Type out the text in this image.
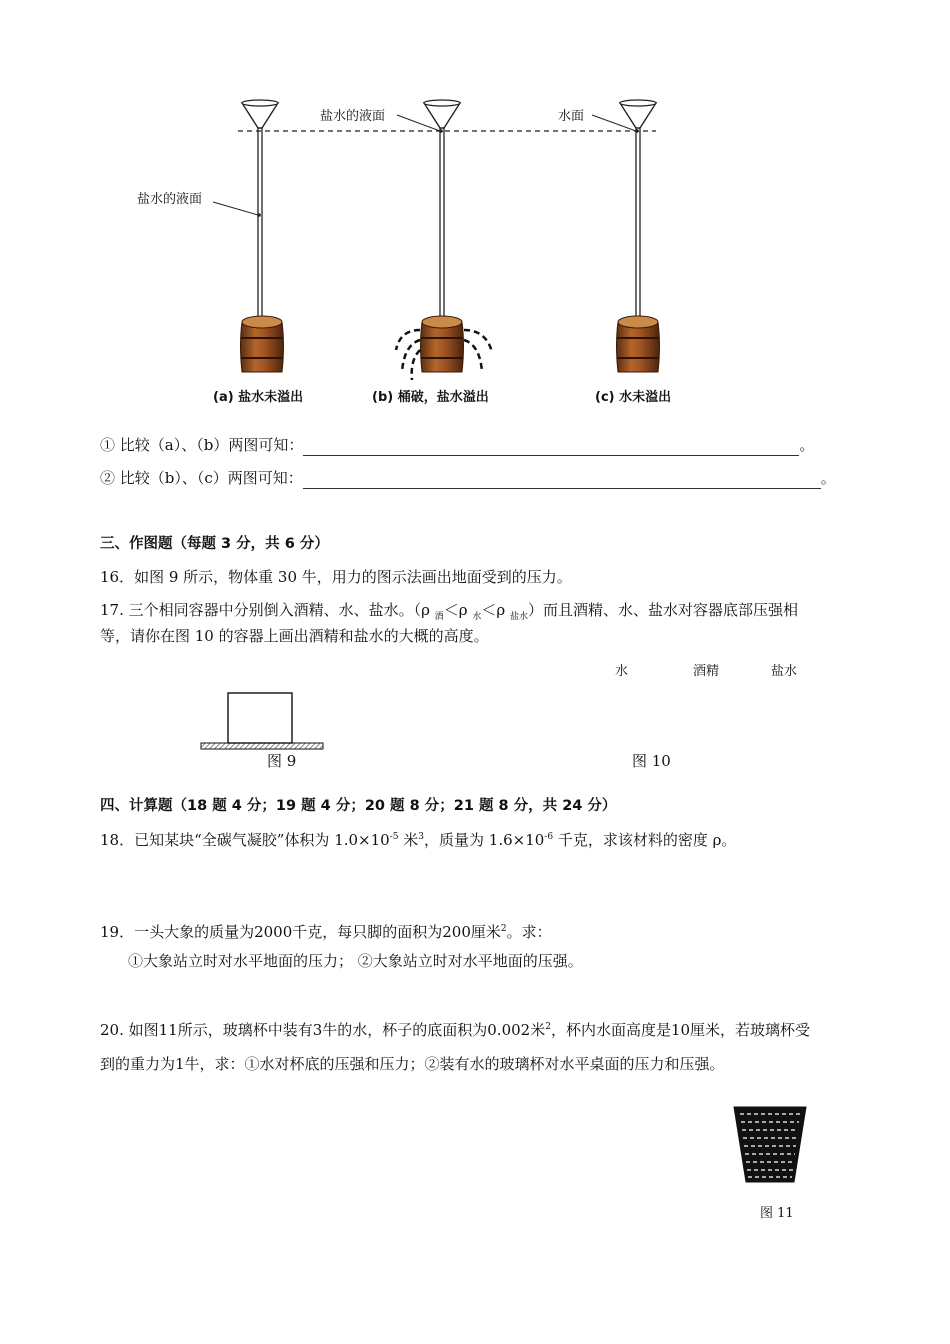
盐水的液面	水面
盐水的液面
(a) 盐水未溢出	(b) 桶破，盐水溢出	(c) 水未溢出
① 比较（a）、（b）两图可知：	。
② 比较（b）、（c）两图可知：	。
三、作图题（每题 3 分，共 6 分）
16．如图 9 所示，物体重 30 牛，用力的图示法画出地面受到的压力。
17. 三个相同容器中分别倒入酒精、水、盐水。（ρ $_酒$＜ρ $_水$＜ρ $_{盐水}$）而且酒精、水、盐水对容器底部压强相
等，请你在图 10 的容器上画出酒精和盐水的大概的高度。
水	酒精	盐水
图 9	图 10
四、计算题（18 题 4 分；19 题 4 分；20 题 8 分；21 题 8 分，共 24 分）
18．已知某块“全碳气凝胶”体积为 $1.0\times 10^{-5}$ 米$^3$，质量为 $1.6\times 10^{-6}$ 千克，求该材料的密度 ρ。
19．一头大象的质量为2000千克，每只脚的面积为200厘米$^2$。求：
①大象站立时对水平地面的压力； ②大象站立时对水平地面的压强。
20. 如图11所示，玻璃杯中装有3牛的水，杯子的底面积为0.002米$^2$，杯内水面高度是10厘米，若玻璃杯受
到的重力为1牛，求：①水对杯底的压强和压力；②装有水的玻璃杯对水平桌面的压力和压强。
图 11
